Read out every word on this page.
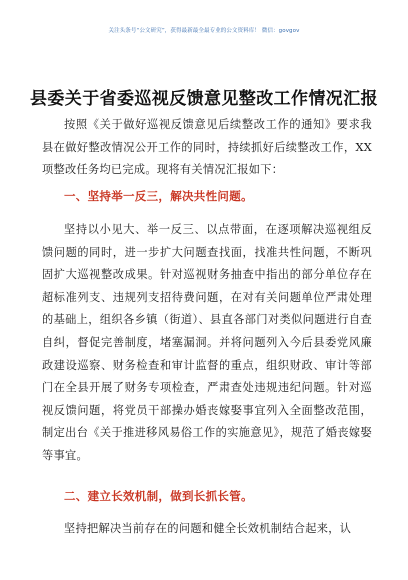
关注头条号“公文研究”，获得最新最全最专业的公文资料库！ 微信：govgov
县委关于省委巡视反馈意见整改工作情况汇报
按照《关于做好巡视反馈意见后续整改工作的通知》要求我县在做好整改情况公开工作的同时，持续抓好后续整改工作，XX项整改任务均已完成。现将有关情况汇报如下：
一、坚持举一反三，解决共性问题。
坚持以小见大、举一反三、以点带面，在逐项解决巡视组反馈问题的同时，进一步扩大问题查找面，找准共性问题，不断巩固扩大巡视整改成果。针对巡视财务抽查中指出的部分单位存在超标准列支、违规列支招待费问题，在对有关问题单位严肃处理的基础上，组织各乡镇（街道）、县直各部门对类似问题进行自查自纠，督促完善制度，堵塞漏洞。并将问题列入今后县委党风廉政建设巡察、财务检查和审计监督的重点，组织财政、审计等部门在全县开展了财务专项检查，严肃查处违规违纪问题。针对巡视反馈问题，将党员干部操办婚丧嫁娶事宜列入全面整改范围，制定出台《关于推进移风易俗工作的实施意见》，规范了婚丧嫁娶等事宜。
二、建立长效机制，做到长抓长管。
坚持把解决当前存在的问题和健全长效机制结合起来，认
